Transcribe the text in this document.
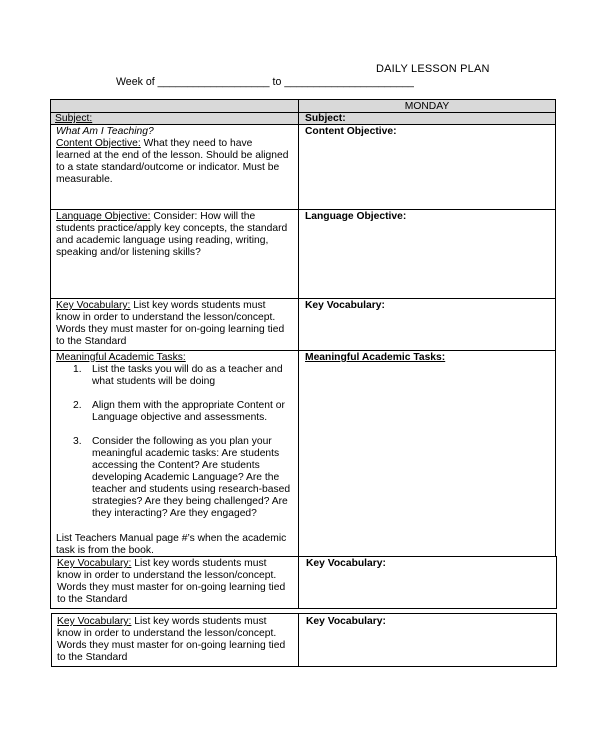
DAILY LESSON PLAN
Week of ___________________ to ______________________
MONDAY
Subject:	Subject:

What Am I Teaching?

Content Objective: What they need to have

learned at the end of the lesson. Should be aligned

to a state standard/outcome or indicator. Must be

measurable.

Content Objective:

Language Objective: Consider: How will the

students practice/apply key concepts, the standard

and academic language using reading, writing,

speaking and/or listening skills?

Language Objective:

Key Vocabulary: List key words students must

know in order to understand the lesson/concept.

Words they must master for on-going learning tied

to the Standard

Key Vocabulary:

Meaningful Academic Tasks:

1. List the tasks you will do as a teacher and

what students will be doing

2. Align them with the appropriate Content or

Language objective and assessments.

3. Consider the following as you plan your

meaningful academic tasks: Are students

accessing the Content? Are students

developing Academic Language? Are the

teacher and students using research-based

strategies? Are they being challenged? Are

they interacting? Are they engaged?

List Teachers Manual page #’s when the academic

task is from the book.

Meaningful Academic Tasks:

Key Vocabulary: List key words students must

know in order to understand the lesson/concept.

Words they must master for on-going learning tied

to the Standard

Key Vocabulary:

Key Vocabulary: List key words students must

know in order to understand the lesson/concept.

Words they must master for on-going learning tied

to the Standard

Key Vocabulary:
